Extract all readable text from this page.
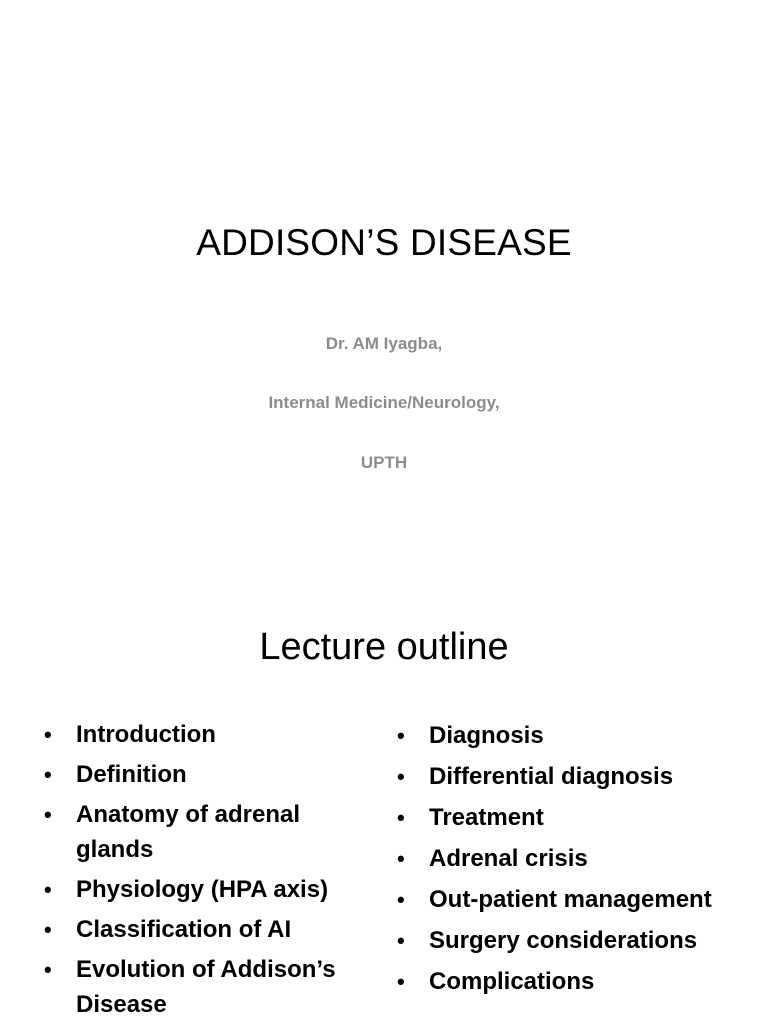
ADDISON’S DISEASE

Dr. AM Iyagba,

Internal Medicine/Neurology,

UPTH

Lecture outline
•	Introduction
•	Definition
•	Anatomy of adrenal glands
•	Physiology (HPA axis)
•	Classification of AI
•	Evolution of Addison’s Disease
•	Diagnosis
•	Differential diagnosis
•	Treatment
•	Adrenal crisis
•	Out-patient management
•	Surgery considerations
•	Complications
